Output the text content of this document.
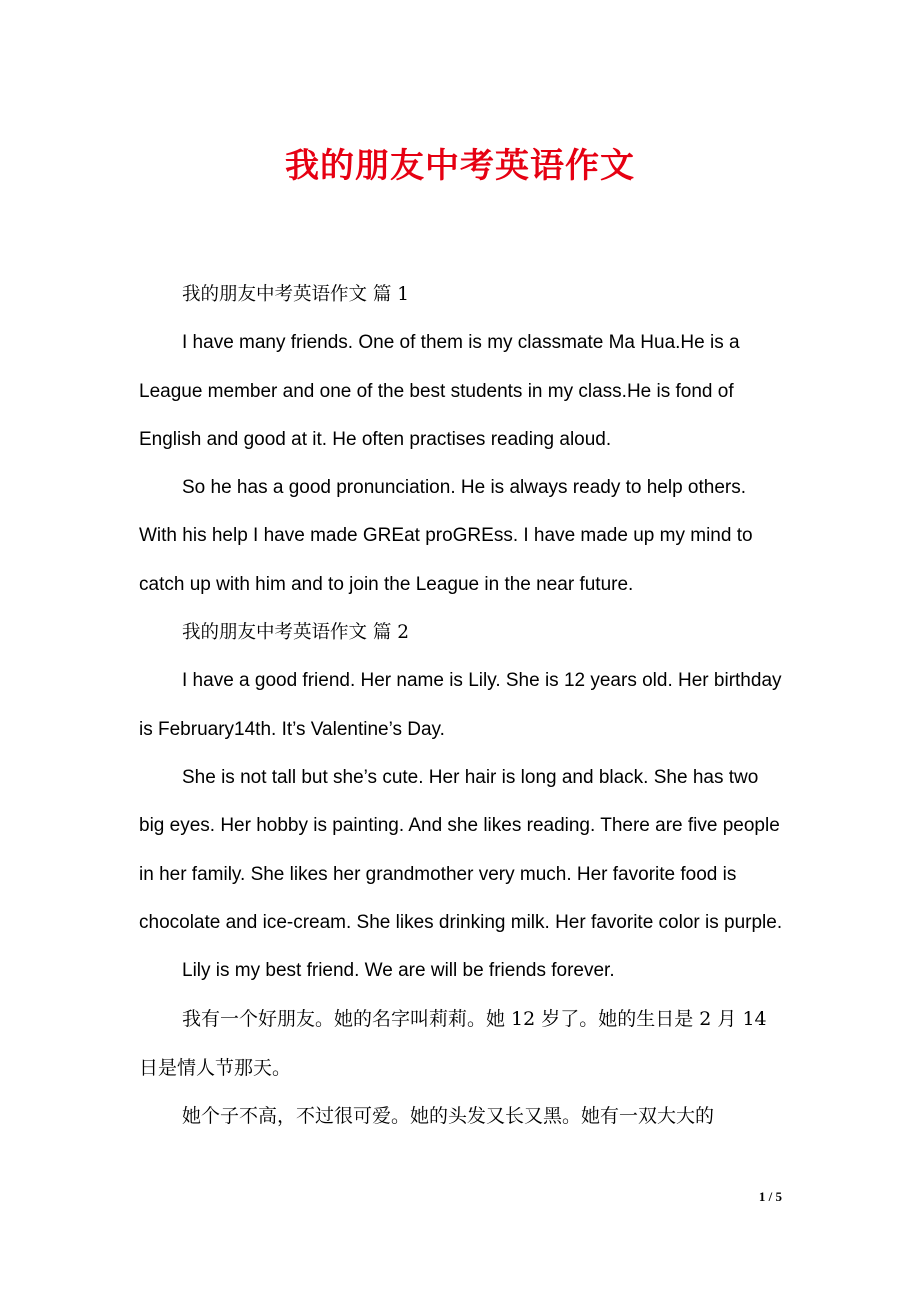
我的朋友中考英语作文

我的朋友中考英语作文 篇 1

I have many friends. One of them is my classmate Ma Hua.He is a League member and one of the best students in my class.He is fond of English and good at it. He often practises reading aloud.

So he has a good pronunciation. He is always ready to help others. With his help I have made GREat proGREss. I have made up my mind to catch up with him and to join the League in the near future.

我的朋友中考英语作文 篇 2

I have a good friend. Her name is Lily. She is 12 years old. Her birthday is February14th. It’s Valentine’s Day.

She is not tall but she’s cute. Her hair is long and black. She has two big eyes. Her hobby is painting. And she likes reading. There are five people in her family. She likes her grandmother very much. Her favorite food is chocolate and ice-cream. She likes drinking milk. Her favorite color is purple.

Lily is my best friend. We are will be friends forever.

我有一个好朋友。她的名字叫莉莉。她 12 岁了。她的生日是 2 月 14 日是情人节那天。

她个子不高，不过很可爱。她的头发又长又黑。她有一双大大的

1 / 5
